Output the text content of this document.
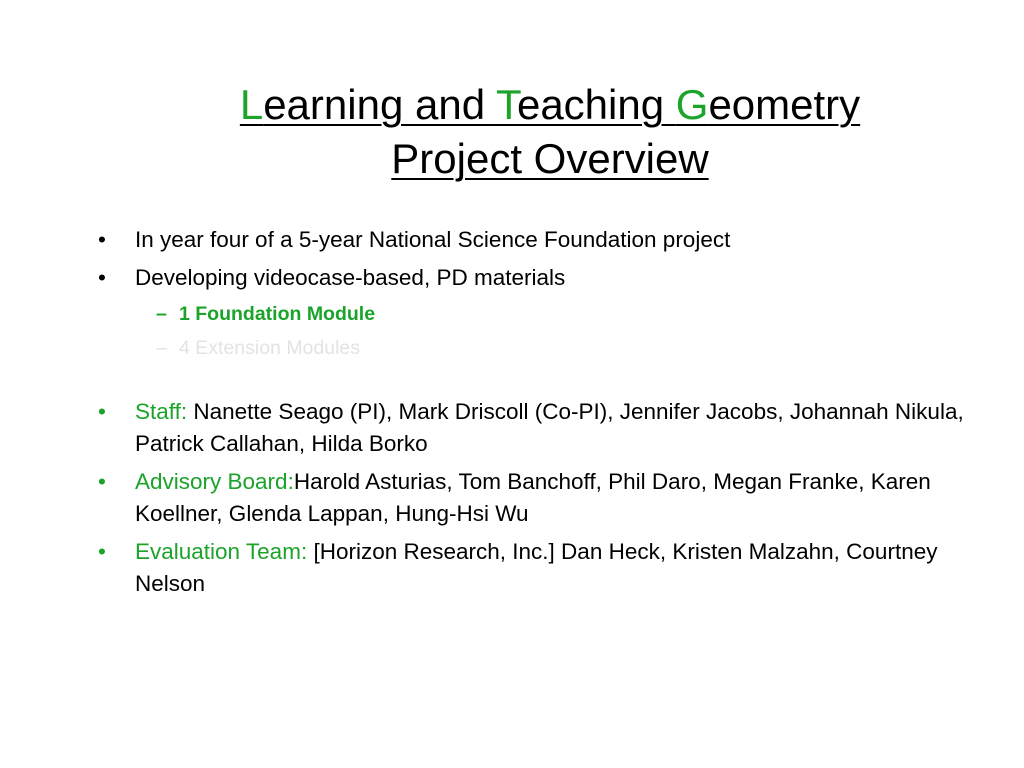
Learning and Teaching Geometry
Project Overview
• In year four of a 5-year National Science Foundation project
• Developing videocase-based, PD materials
– 1 Foundation Module
– 4 Extension Modules
• Staff: Nanette Seago (PI), Mark Driscoll (Co-PI), Jennifer Jacobs, Johannah Nikula, Patrick Callahan, Hilda Borko
• Advisory Board:Harold Asturias, Tom Banchoff, Phil Daro, Megan Franke, Karen Koellner, Glenda Lappan, Hung-Hsi Wu
• Evaluation Team: [Horizon Research, Inc.] Dan Heck, Kristen Malzahn, Courtney Nelson
